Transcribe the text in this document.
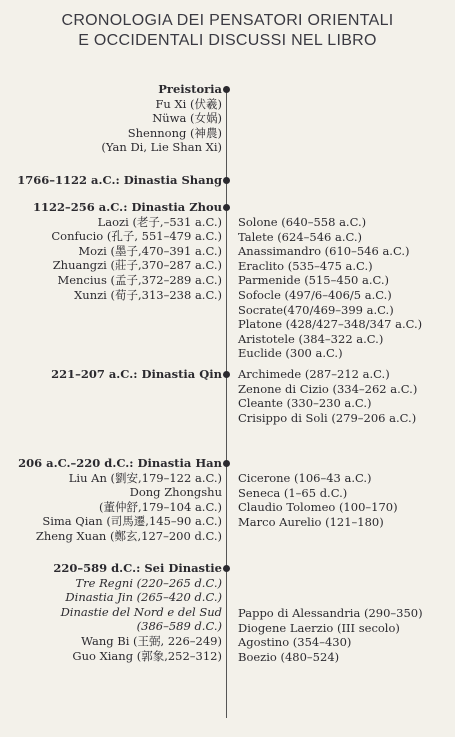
CRONOLOGIA DEI PENSATORI ORIENTALI
E OCCIDENTALI DISCUSSI NEL LIBRO
Preistoria
Fu Xi (伏羲)
Nüwa (女娲)
Shennong (神農)
(Yan Di, Lie Shan Xi)
1766–1122 a.C.: Dinastia Shang
1122–256 a.C.: Dinastia Zhou
Laozi (老子,–531 a.C.)
Confucio (孔子, 551–479 a.C.)
Mozi (墨子,470–391 a.C.)
Zhuangzi (莊子,370–287 a.C.)
Mencius (孟子,372–289 a.C.)
Xunzi (荀子,313–238 a.C.)
Solone (640–558 a.C.)
Talete (624–546 a.C.)
Anassimandro (610–546 a.C.)
Eraclito (535–475 a.C.)
Parmenide (515–450 a.C.)
Sofocle (497/6–406/5 a.C.)
Socrate(470/469–399 a.C.)
Platone (428/427–348/347 a.C.)
Aristotele (384–322 a.C.)
Euclide (300 a.C.)
221–207 a.C.: Dinastia Qin Archimede (287–212 a.C.)
Zenone di Cizio (334–262 a.C.)
Cleante (330–230 a.C.)
Crisippo di Soli (279–206 a.C.)
206 a.C.–220 d.C.: Dinastia Han
Liu An (劉安,179–122 a.C.)
Dong Zhongshu
(董仲舒,179–104 a.C.)
Sima Qian (司馬遷,145–90 a.C.)
Zheng Xuan (鄭玄,127–200 d.C.)
Cicerone (106–43 a.C.)
Seneca (1–65 d.C.)
Claudio Tolomeo (100–170)
Marco Aurelio (121–180)
220–589 d.C.: Sei Dinastie
Tre Regni (220–265 d.C.)
Dinastia Jin (265–420 d.C.)
Dinastie del Nord e del Sud
(386–589 d.C.)
Wang Bi (王弼, 226–249)
Guo Xiang (郭象,252–312)
Pappo di Alessandria (290–350)
Diogene Laerzio (III secolo)
Agostino (354–430)
Boezio (480–524)
